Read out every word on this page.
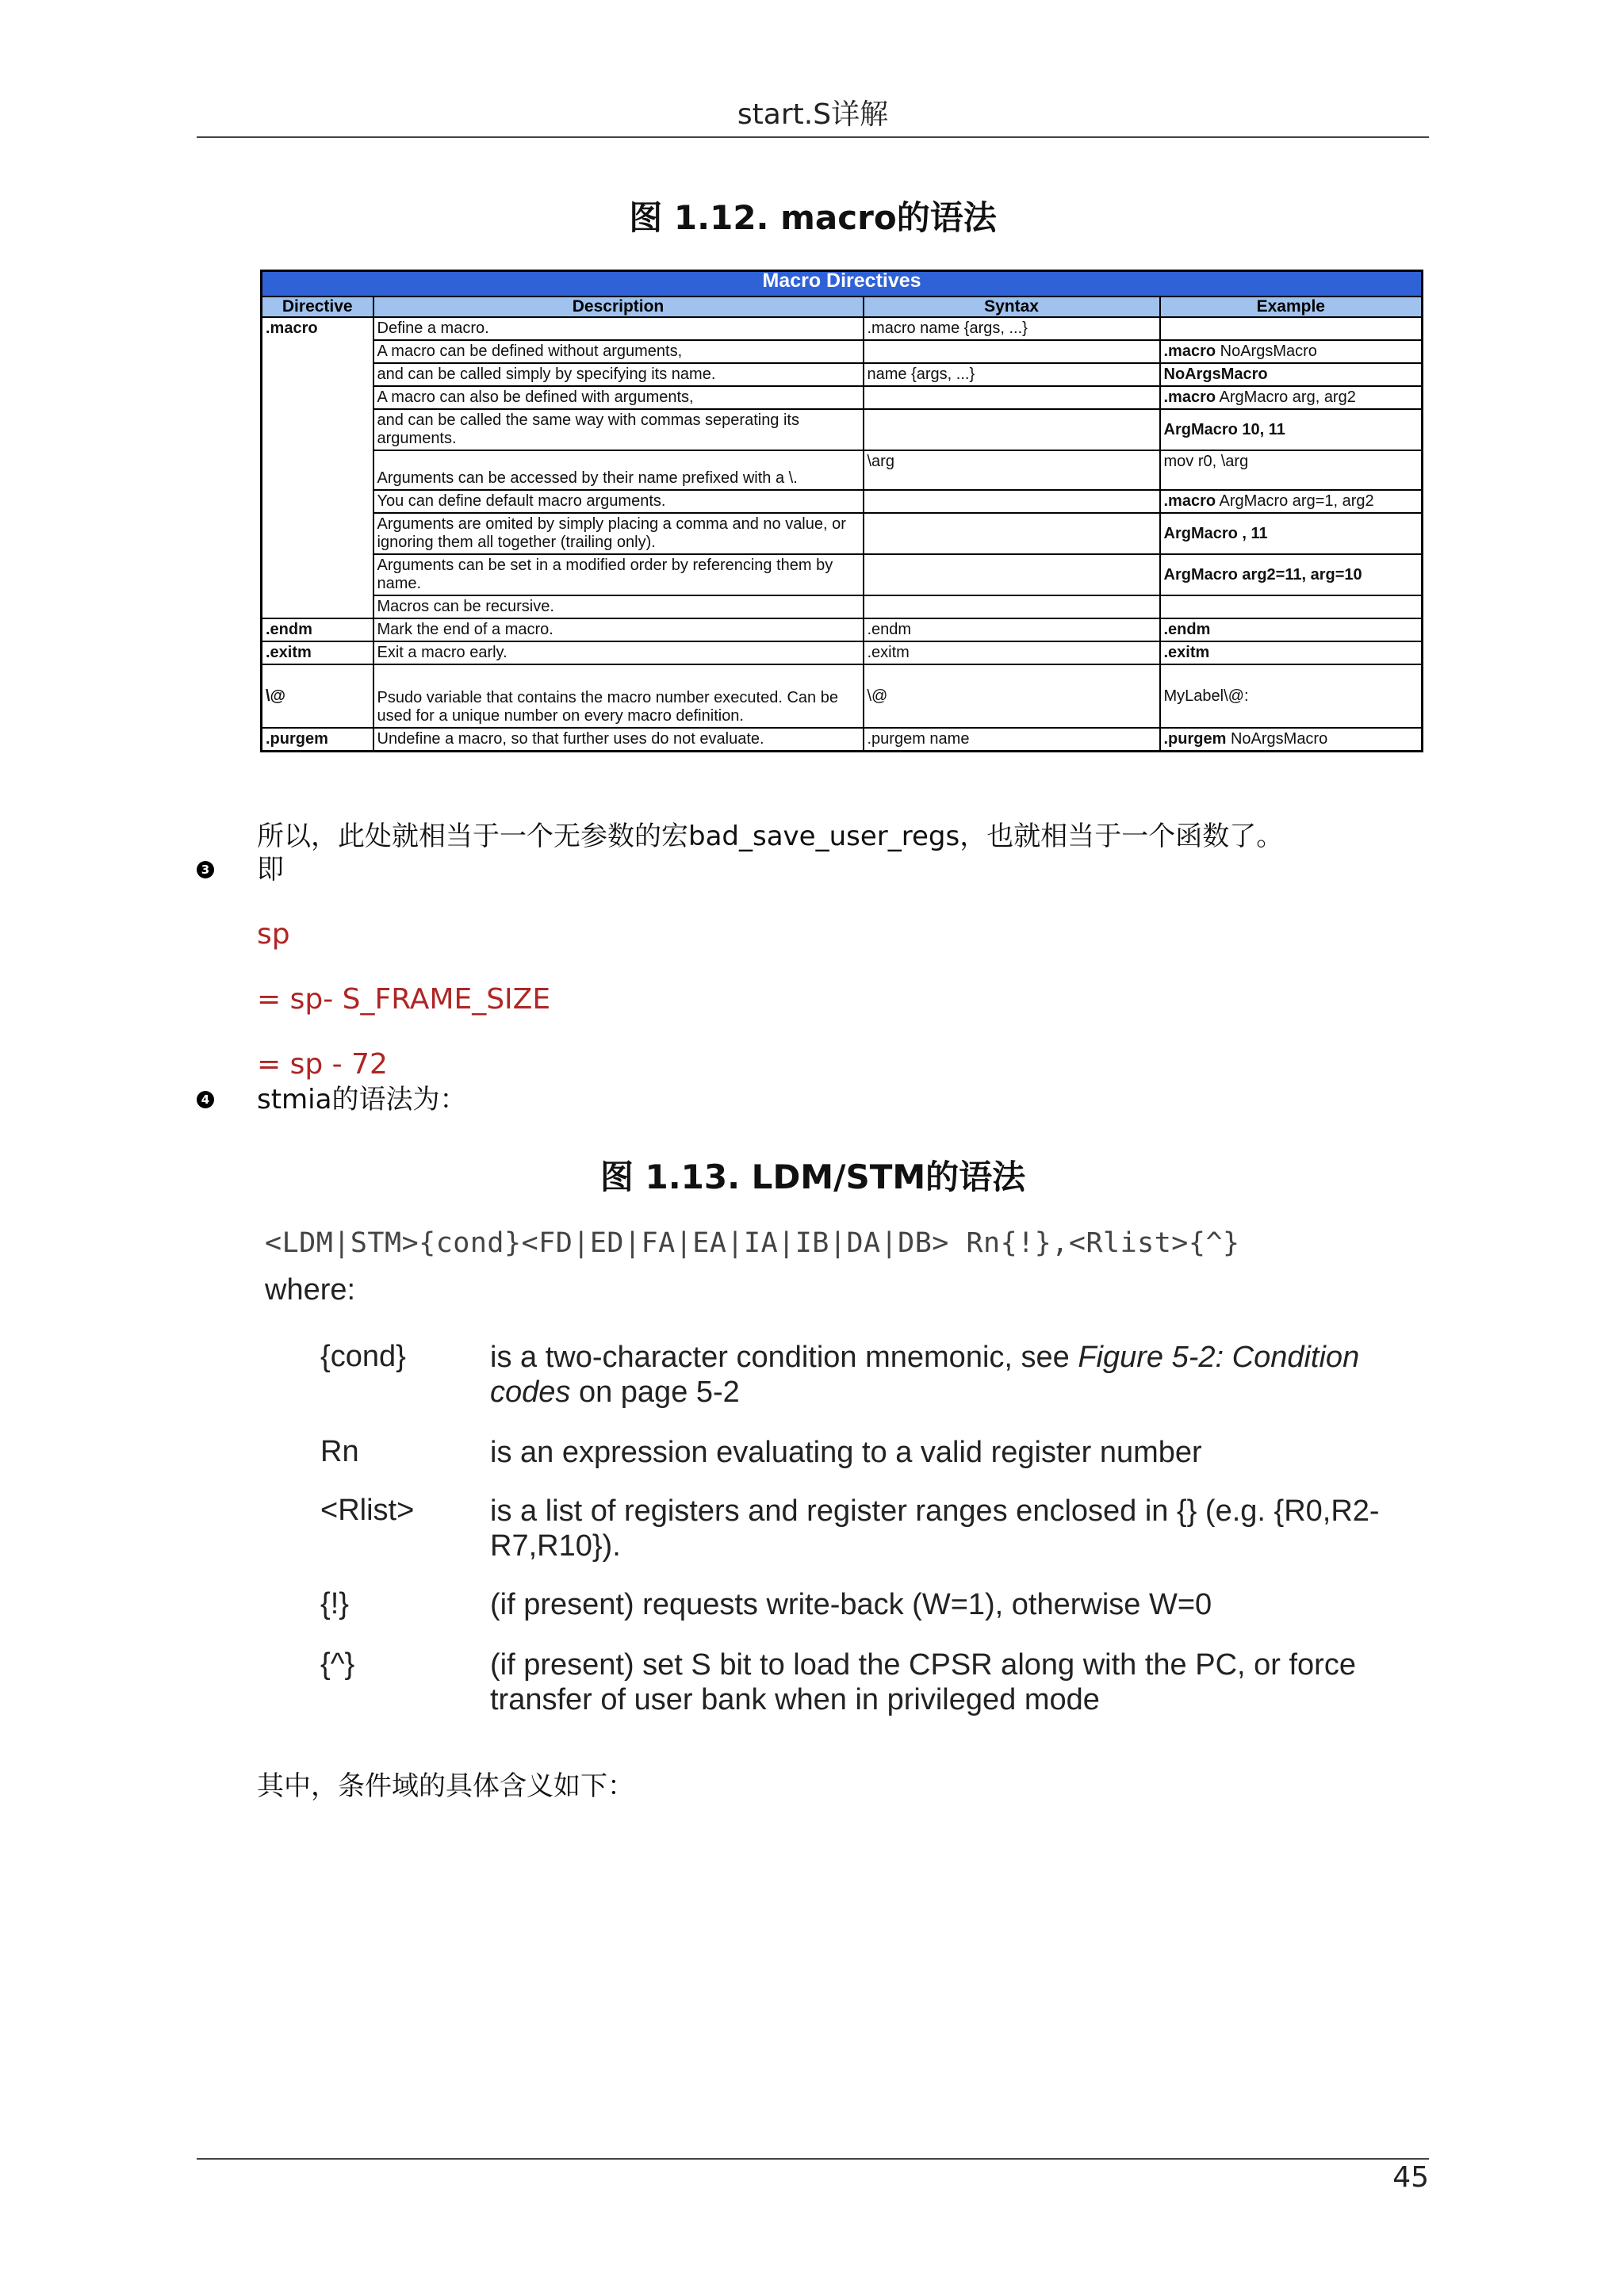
start.S详解
图 1.12. macro的语法
Macro Directives			
Directive	Description	Syntax	Example
.macro	Define a macro.	.macro name {args, ...}	
	A macro can be defined without arguments,		.macro NoArgsMacro
	and can be called simply by specifying its name.	name {args, ...}	NoArgsMacro
	A macro can also be defined with arguments,		.macro ArgMacro arg, arg2
	and can be called the same way with commas seperating its arguments.		ArgMacro 10, 11
	Arguments can be accessed by their name prefixed with a \.	\arg	mov r0, \arg
	You can define default macro arguments.		.macro ArgMacro arg=1, arg2
	Arguments are omited by simply placing a comma and no value, or ignoring them all together (trailing only).		ArgMacro , 11
	Arguments can be set in a modified order by referencing them by name.		ArgMacro arg2=11, arg=10
	Macros can be recursive.		
.endm	Mark the end of a macro.	.endm	.endm
.exitm	Exit a macro early.	.exitm	.exitm
\@	Psudo variable that contains the macro number executed. Can be used for a unique number on every macro definition.	\@	MyLabel\@:
.purgem	Undefine a macro, so that further uses do not evaluate.	.purgem name	.purgem NoArgsMacro
所以，此处就相当于一个无参数的宏bad_save_user_regs，也就相当于一个函数了。
3 即
sp
= sp- S_FRAME_SIZE
= sp - 72
4 stmia的语法为：
图 1.13. LDM/STM的语法
<LDM|STM>{cond}<FD|ED|FA|EA|IA|IB|DA|DB> Rn{!},<Rlist>{^}
where:
{cond}	is a two-character condition mnemonic, see Figure 5-2: Condition codes on page 5-2
Rn	is an expression evaluating to a valid register number
<Rlist>	is a list of registers and register ranges enclosed in {} (e.g. {R0,R2-R7,R10}).
{!}	(if present) requests write-back (W=1), otherwise W=0
{^}	(if present) set S bit to load the CPSR along with the PC, or force transfer of user bank when in privileged mode
其中，条件域的具体含义如下：
45
